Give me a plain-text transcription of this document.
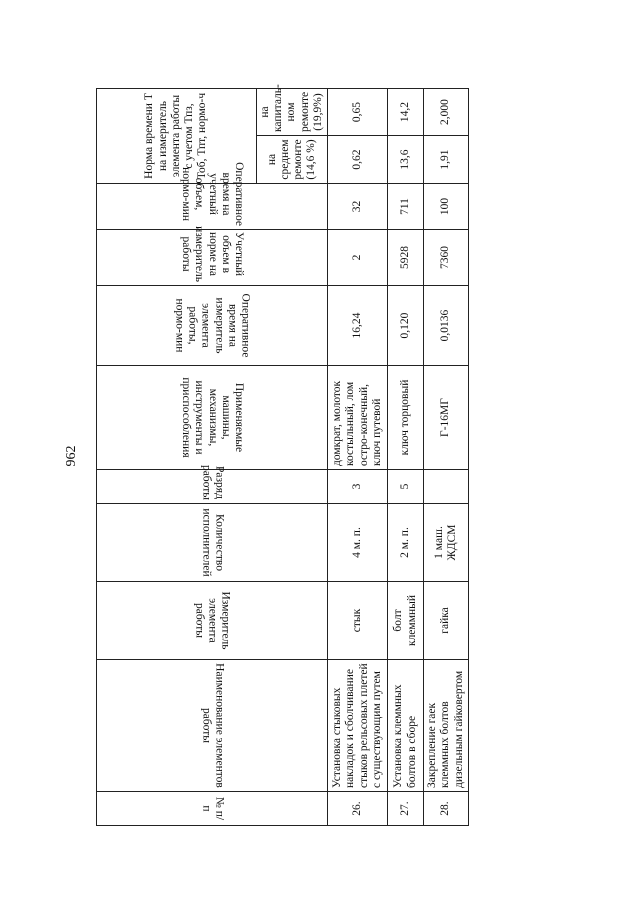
962
№ п/п	Наименование элементов работы	Измеритель элемента работы	Количество исполнителей	Разряд работы	Применяемые машины, механизмы, инструменты и приспособления	Оперативное время на измеритель элемента работы, нормо-мин	Учетный объем в норме на измеритель работы	Оперативное время на учетный объем, нормо-мин	Норма времени Т на измеритель элемента работы с учетом Тпз, Тоб, Тпт, нормо-ч	
									на среднем ремонте (14,6 %)	на капиталь-ном ремонте (19,9%)
26.	Установка стыковых накладок и сболчивание стыков рельсовых плетей с существующим путем	стык	4 м. п.	3	домкрат, молоток костыльный, лом остро-конечный, ключ путевой	16,24	2	32	0,62	0,65
27.	Установка клеммных болтов в сборе	болт клеммный	2 м. п.	5	ключ торцовый	0,120	5928	711	13,6	14,2
28.	Закрепление гаек клеммных болтов дизельным гайковертом	гайка	1 маш. ЖДСМ		Г-16МГ	0,0136	7360	100	1,91	2,000
